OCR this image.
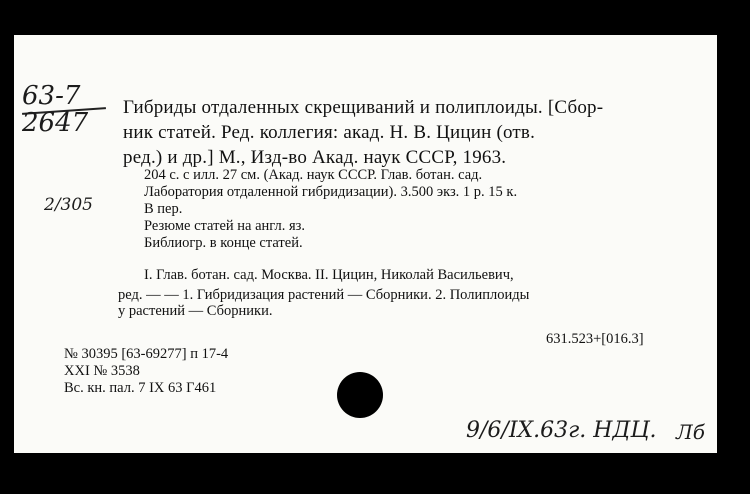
63-7
2647
2/305
Гибриды отдаленных скрещиваний и полиплоиды. [Сбор-
ник статей. Ред. коллегия: акад. Н. В. Цицин (отв.
ред.) и др.] М., Изд-во Акад. наук СССР, 1963.
204 с. с илл. 27 см. (Акад. наук СССР. Глав. ботан. сад.
Лаборатория отдаленной гибридизации). 3.500 экз. 1 р. 15 к.
В пер.
Резюме статей на англ. яз.
Библиогр. в конце статей.
I. Глав. ботан. сад. Москва. II. Цицин, Николай Васильевич,
ред. — — 1. Гибридизация растений — Сборники. 2. Полиплоиды
у растений — Сборники.
631.523+[016.3]
№ 30395 [63-69277] п 17-4
XXI № 3538
Вс. кн. пал. 7 IX 63 Г461
9/6/IX.63г. НДЦ. Лб
